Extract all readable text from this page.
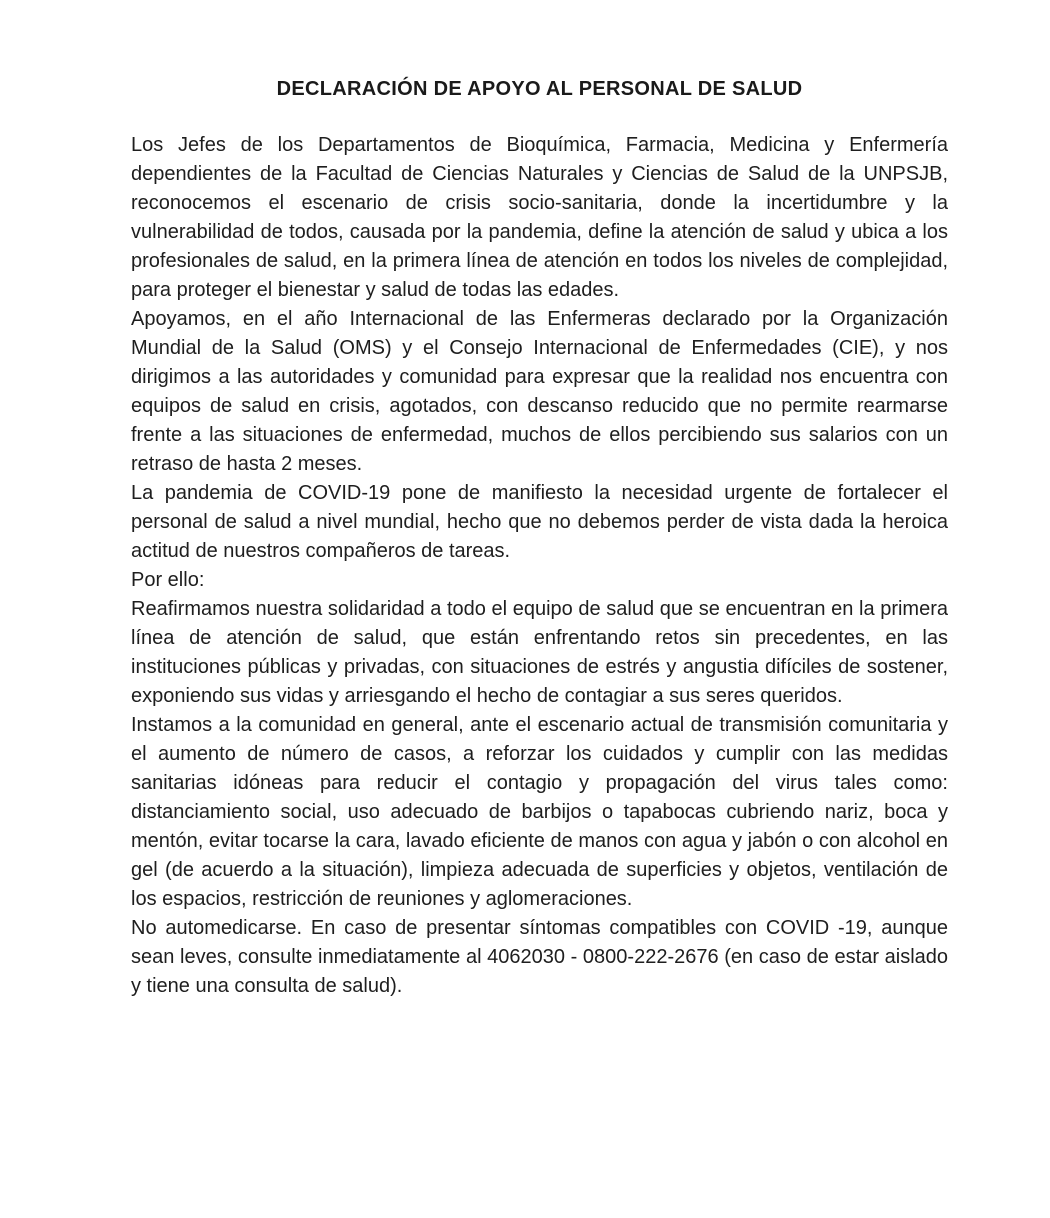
DECLARACIÓN DE APOYO AL PERSONAL DE SALUD

Los Jefes de los Departamentos de Bioquímica, Farmacia, Medicina y Enfermería dependientes de la Facultad de Ciencias Naturales y Ciencias de Salud de la UNPSJB, reconocemos el escenario de crisis socio-sanitaria, donde la incertidumbre y la vulnerabilidad de todos, causada por la pandemia, define la atención de salud y ubica a los profesionales de salud, en la primera línea de atención en todos los niveles de complejidad, para proteger el bienestar y salud de todas las edades.

Apoyamos, en el año Internacional de las Enfermeras declarado por la Organización Mundial de la Salud (OMS) y el Consejo Internacional de Enfermedades (CIE), y nos dirigimos a las autoridades y comunidad para expresar que la realidad nos encuentra con equipos de salud en crisis, agotados, con descanso reducido que no permite rearmarse frente a las situaciones de enfermedad, muchos de ellos percibiendo sus salarios con un retraso de hasta 2 meses.

La pandemia de COVID-19 pone de manifiesto la necesidad urgente de fortalecer el personal de salud a nivel mundial, hecho que no debemos perder de vista dada la heroica actitud de nuestros compañeros de tareas.

Por ello:

Reafirmamos nuestra solidaridad a todo el equipo de salud que se encuentran en la primera línea de atención de salud, que están enfrentando retos sin precedentes, en las instituciones públicas y privadas, con situaciones de estrés y angustia difíciles de sostener, exponiendo sus vidas y arriesgando el hecho de contagiar a sus seres queridos.

Instamos a la comunidad en general, ante el escenario actual de transmisión comunitaria y el aumento de número de casos, a reforzar los cuidados y cumplir con las medidas sanitarias idóneas para reducir el contagio y propagación del virus tales como: distanciamiento social, uso adecuado de barbijos o tapabocas cubriendo nariz, boca y mentón, evitar tocarse la cara, lavado eficiente de manos con agua y jabón o con alcohol en gel (de acuerdo a la situación), limpieza adecuada de superficies y objetos, ventilación de los espacios, restricción de reuniones y aglomeraciones.

No automedicarse. En caso de presentar síntomas compatibles con COVID -19, aunque sean leves, consulte inmediatamente al 4062030 - 0800-222-2676 (en caso de estar aislado y tiene una consulta de salud).
